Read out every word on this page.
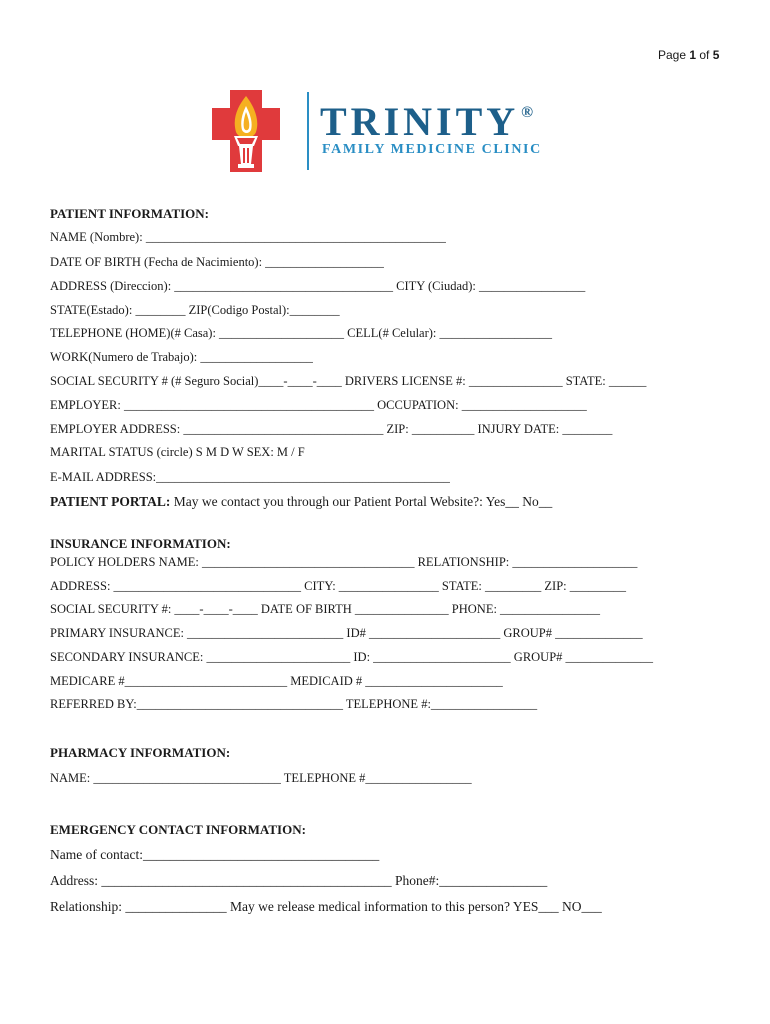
Page 1 of 5
TRINITY ®
FAMILY MEDICINE CLINIC
PATIENT INFORMATION:
NAME (Nombre): ________________________________________________
DATE OF BIRTH (Fecha de Nacimiento): ___________________
ADDRESS (Direccion): ___________________________________ CITY (Ciudad): _________________
STATE(Estado): ________ ZIP(Codigo Postal):________
TELEPHONE (HOME)(# Casa): ____________________ CELL(# Celular): __________________
WORK(Numero de Trabajo): __________________
SOCIAL SECURITY # (# Seguro Social)____-____-____ DRIVERS LICENSE #: _______________ STATE: ______
EMPLOYER: ________________________________________ OCCUPATION: ____________________
EMPLOYER ADDRESS: ________________________________ ZIP: __________ INJURY DATE: ________
MARITAL STATUS (circle) S M D W SEX: M / F
E-MAIL ADDRESS:_______________________________________________
PATIENT PORTAL: May we contact you through our Patient Portal Website?: Yes__ No__
INSURANCE INFORMATION:
POLICY HOLDERS NAME: __________________________________ RELATIONSHIP: ____________________
ADDRESS: ______________________________ CITY: ________________ STATE: _________ ZIP: _________
SOCIAL SECURITY #: ____-____-____ DATE OF BIRTH _______________ PHONE: ________________
PRIMARY INSURANCE: _________________________ ID# _____________________ GROUP# ______________
SECONDARY INSURANCE: _______________________ ID: ______________________ GROUP# ______________
MEDICARE #__________________________ MEDICAID # ______________________
REFERRED BY:_________________________________ TELEPHONE #:_________________
PHARMACY INFORMATION:
NAME: ______________________________ TELEPHONE #_________________
EMERGENCY CONTACT INFORMATION:
Name of contact:___________________________________
Address: ___________________________________________ Phone#:________________
Relationship: _______________ May we release medical information to this person? YES___ NO___
